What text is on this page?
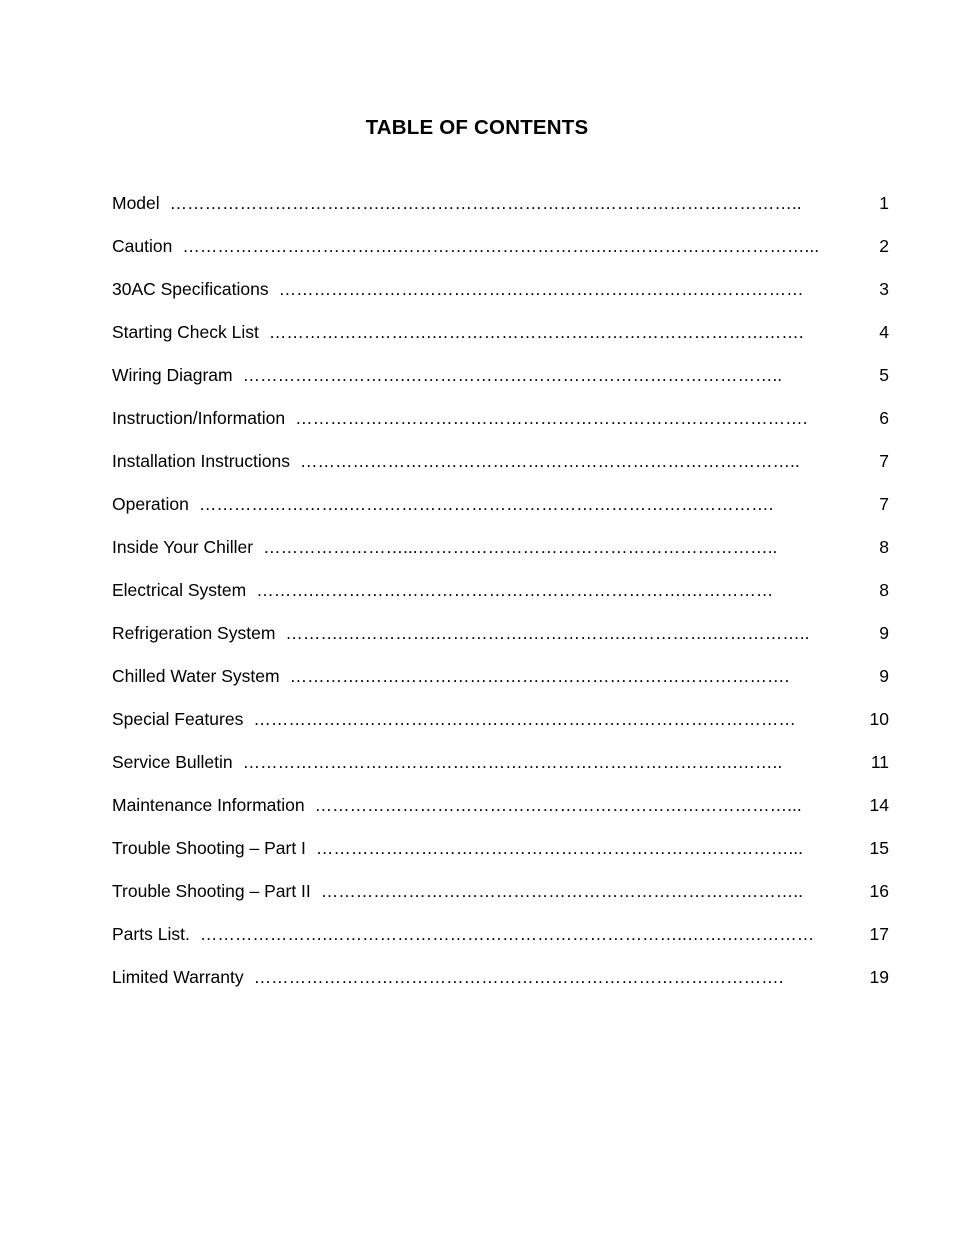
TABLE OF CONTENTS
Model ……………………………….……………………………….……………………………..	1
Caution ……………………………….……………………………….……………………………...	2
30AC Specifications ………………………………………………………………………………	3
Starting Check List ……………………….……………………………………………………….	4
Wiring Diagram ……………………….………………………………………………………..	5
Instruction/Information …………………………………………………………………………….	6
Installation Instructions …………………………………………………………………………..	7
Operation ……………………..……………………………………………………………….	7
Inside Your Chiller ……………………...……………………………………………………..	8
Electrical System ……….……………………………………………………….……………	8
Refrigeration System ……….…………….…………….…………….…………….……………..	9
Chilled Water System ………….……………………………………………………………….	9
Special Features …………………………………………………………………………………	10
Service Bulletin ………………………………………………………………………….……..	11
Maintenance Information ………………………………………………………………………...	14
Trouble Shooting – Part I ………………………………………………………………………...	15
Trouble Shooting – Part II ………………………………………………………………………..	16
Parts List. ………………….……………………………………………………..…….……………	17
Limited Warranty ……………………………………………………………………………….	19
